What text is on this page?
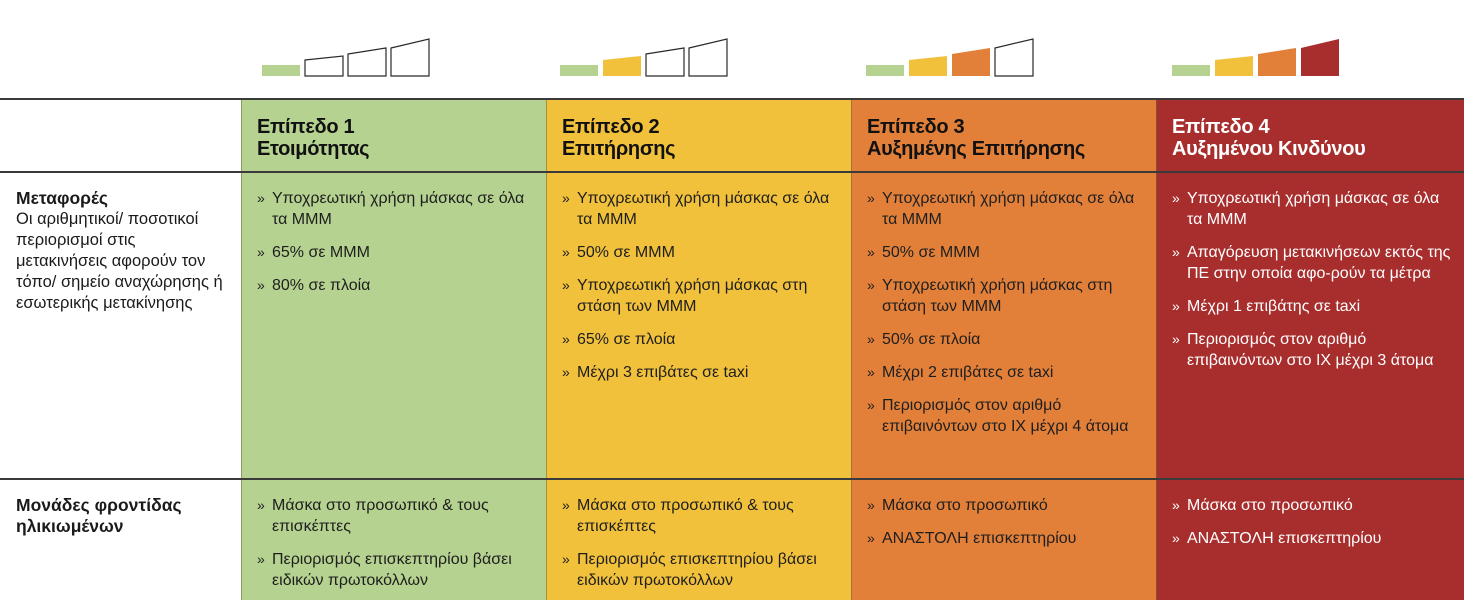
Μεταφορές
Οι αριθμητικοί/ ποσοτικοί περιορισμοί στις μετακινήσεις αφορούν τον τόπο/ σημείο αναχώρησης ή εσωτερικής μετακίνησης
Μονάδες φροντίδας ηλικιωμένων
Επίπεδο 1
Ετοιμότητας
» Υποχρεωτική χρήση μάσκας σε όλα τα ΜΜΜ
» 65% σε ΜΜΜ
» 80% σε πλοία
» Μάσκα στο προσωπικό & τους επισκέπτες
» Περιορισμός επισκεπτηρίου βάσει ειδικών πρωτοκόλλων
Επίπεδο 2
Επιτήρησης
» Υποχρεωτική χρήση μάσκας σε όλα τα ΜΜΜ
» 50% σε ΜΜΜ
» Υποχρεωτική χρήση μάσκας στη στάση των ΜΜΜ
» 65% σε πλοία
» Μέχρι 3 επιβάτες σε taxi
» Μάσκα στο προσωπικό & τους επισκέπτες
» Περιορισμός επισκεπτηρίου βάσει ειδικών πρωτοκόλλων
Επίπεδο 3
Αυξημένης Επιτήρησης
» Υποχρεωτική χρήση μάσκας σε όλα τα ΜΜΜ
» 50% σε ΜΜΜ
» Υποχρεωτική χρήση μάσκας στη στάση των ΜΜΜ
» 50% σε πλοία
» Μέχρι 2 επιβάτες σε taxi
» Περιορισμός στον αριθμό επιβαινόντων στο ΙΧ μέχρι 4 άτομα
» Μάσκα στο προσωπικό
» ΑΝΑΣΤΟΛΗ επισκεπτηρίου
Επίπεδο 4
Αυξημένου Κινδύνου
» Υποχρεωτική χρήση μάσκας σε όλα τα ΜΜΜ
» Απαγόρευση μετακινήσεων εκτός της ΠΕ στην οποία αφο-ρούν τα μέτρα
» Μέχρι 1 επιβάτης σε taxi
» Περιορισμός στον αριθμό επιβαινόντων στο ΙΧ μέχρι 3 άτομα
» Μάσκα στο προσωπικό
» ΑΝΑΣΤΟΛΗ επισκεπτηρίου
